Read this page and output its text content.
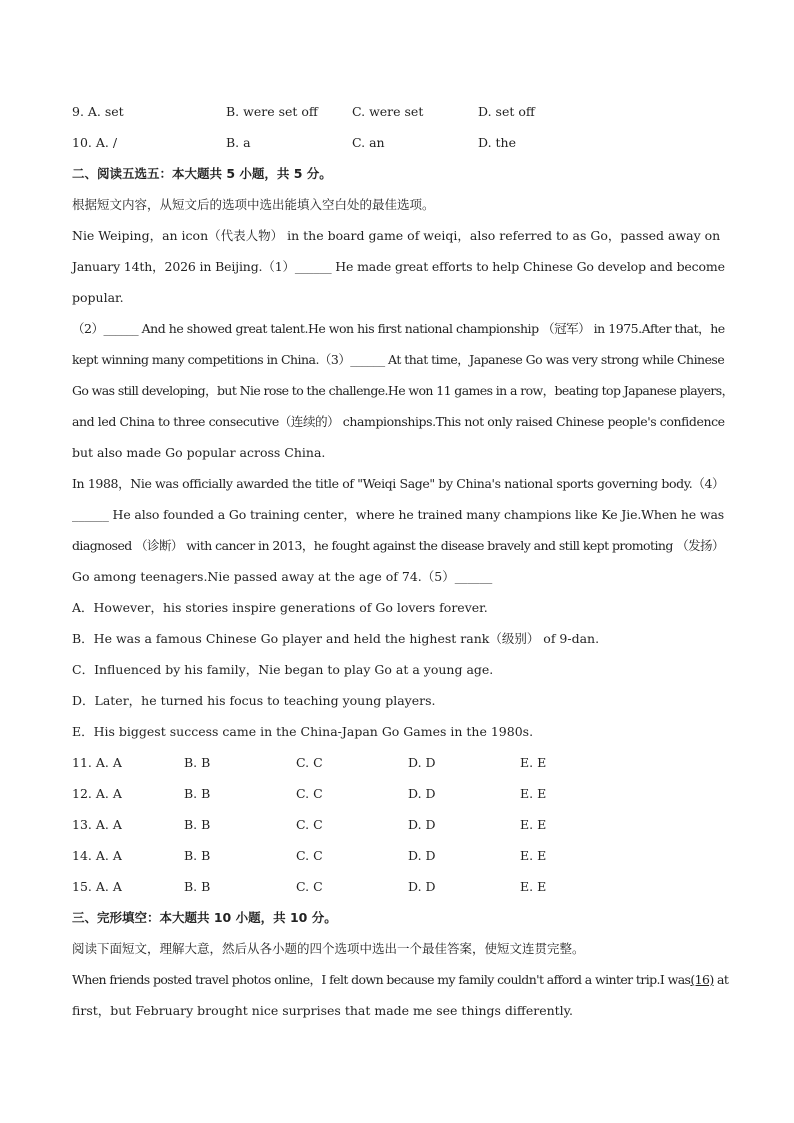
9. A. set	B. were set off	C. were set	D. set off
10. A. /	B. a	C. an	D. the
二、阅读五选五：本大题共 5 小题，共 5 分。
根据短文内容，从短文后的选项中选出能填入空白处的最佳选项。
Nie Weiping，an icon（代表人物） in the board game of weiqi，also referred to as Go，passed away on
January 14th，2026 in Beijing.（1）______ He made great efforts to help Chinese Go develop and become
popular.
（2）______ And he showed great talent.He won his first national championship （冠军） in 1975.After that，he
kept winning many competitions in China.（3）______ At that time，Japanese Go was very strong while Chinese
Go was still developing，but Nie rose to the challenge.He won 11 games in a row，beating top Japanese players，
and led China to three consecutive（连续的） championships.This not only raised Chinese people's confidence
but also made Go popular across China.
In 1988，Nie was officially awarded the title of "Weiqi Sage" by China's national sports governing body.（4）
______ He also founded a Go training center，where he trained many champions like Ke Jie.When he was
diagnosed （诊断） with cancer in 2013，he fought against the disease bravely and still kept promoting （发扬）
Go among teenagers.Nie passed away at the age of 74.（5）______
A．However，his stories inspire generations of Go lovers forever.
B．He was a famous Chinese Go player and held the highest rank（级别） of 9-dan.
C．Influenced by his family，Nie began to play Go at a young age.
D．Later，he turned his focus to teaching young players.
E．His biggest success came in the China-Japan Go Games in the 1980s.
11. A. A	B. B	C. C	D. D	E. E
12. A. A	B. B	C. C	D. D	E. E
13. A. A	B. B	C. C	D. D	E. E
14. A. A	B. B	C. C	D. D	E. E
15. A. A	B. B	C. C	D. D	E. E
三、完形填空：本大题共 10 小题，共 10 分。
阅读下面短文，理解大意，然后从各小题的四个选项中选出一个最佳答案，使短文连贯完整。
When friends posted travel photos online，I felt down because my family couldn't afford a winter trip.I was(16) at
first，but February brought nice surprises that made me see things differently.
